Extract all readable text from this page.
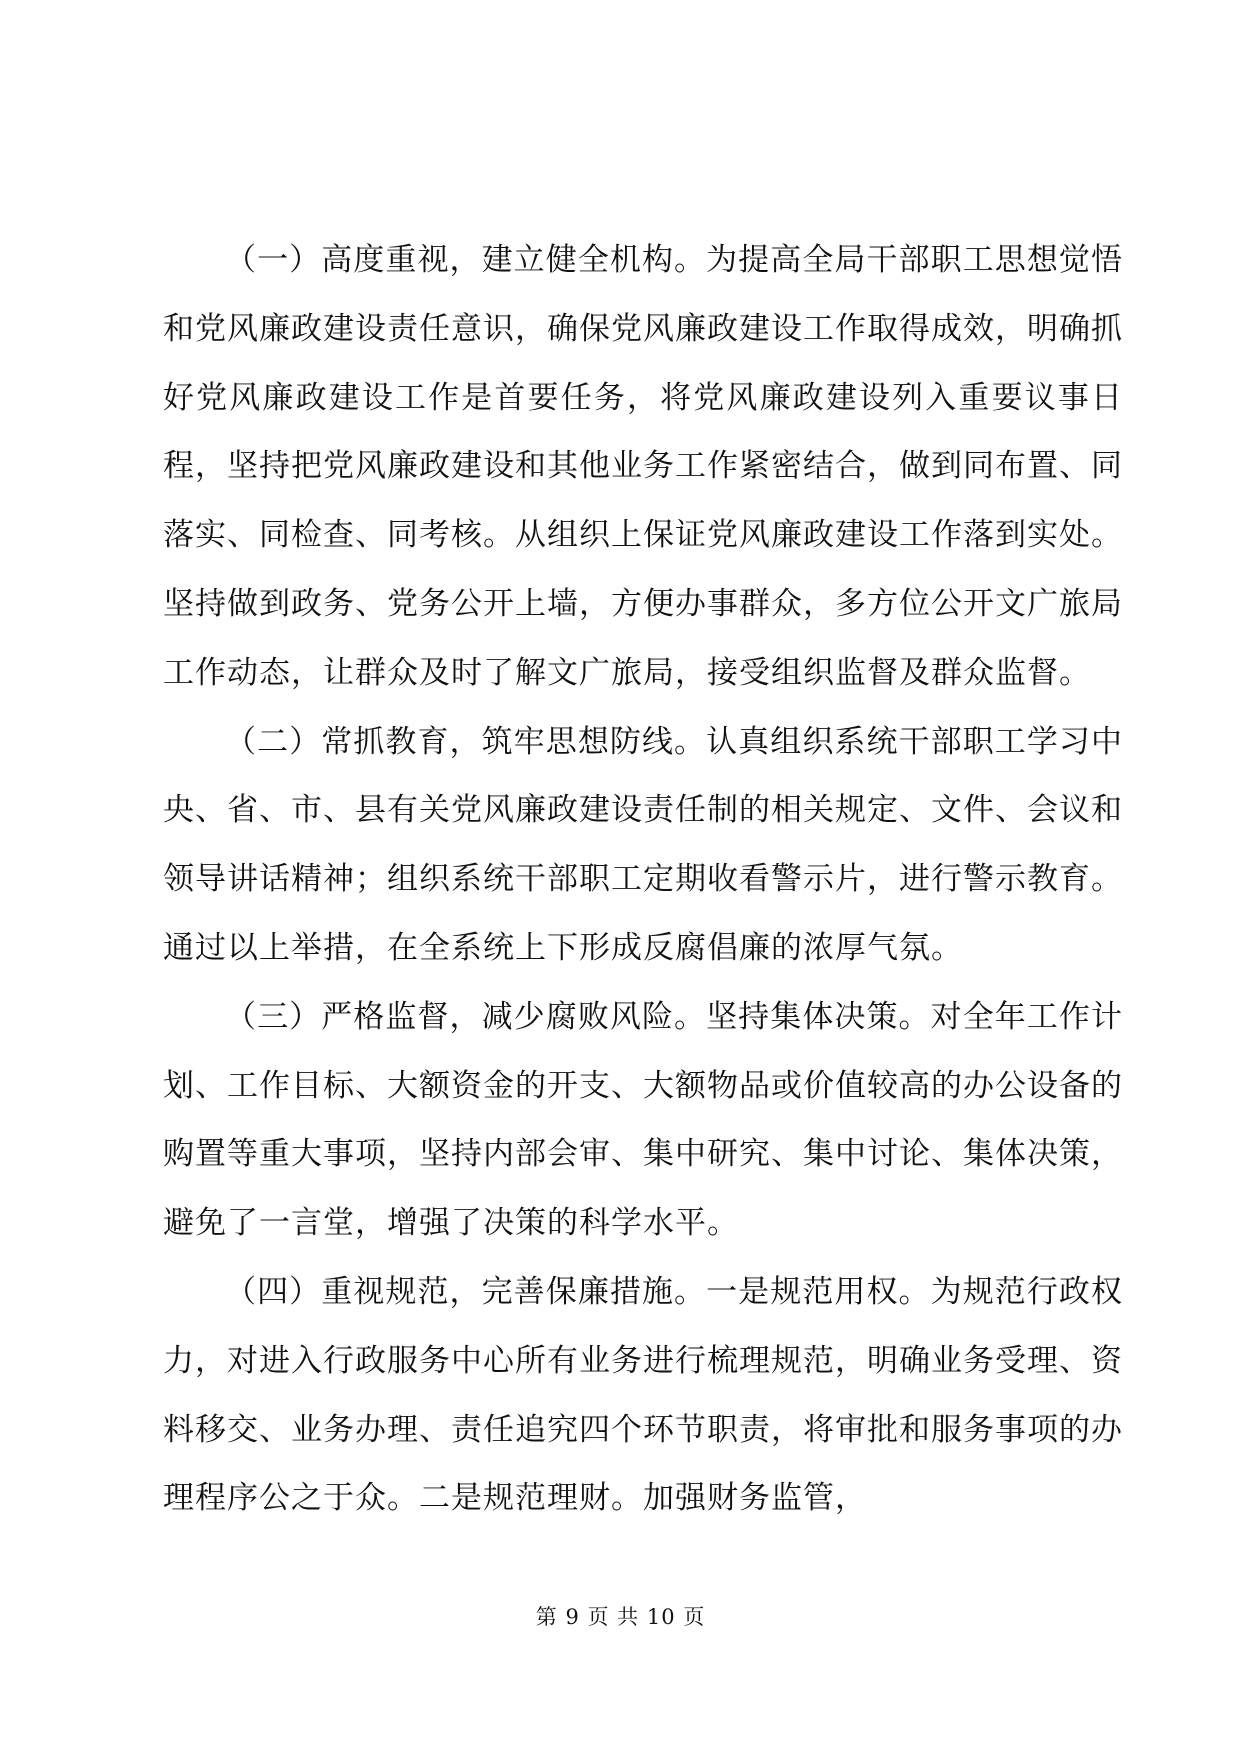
（一）高度重视，建立健全机构。为提高全局干部职工思想觉悟和党风廉政建设责任意识，确保党风廉政建设工作取得成效，明确抓好党风廉政建设工作是首要任务，将党风廉政建设列入重要议事日程，坚持把党风廉政建设和其他业务工作紧密结合，做到同布置、同落实、同检查、同考核。从组织上保证党风廉政建设工作落到实处。坚持做到政务、党务公开上墙，方便办事群众，多方位公开文广旅局工作动态，让群众及时了解文广旅局，接受组织监督及群众监督。

（二）常抓教育，筑牢思想防线。认真组织系统干部职工学习中央、省、市、县有关党风廉政建设责任制的相关规定、文件、会议和领导讲话精神；组织系统干部职工定期收看警示片，进行警示教育。通过以上举措，在全系统上下形成反腐倡廉的浓厚气氛。

（三）严格监督，减少腐败风险。坚持集体决策。对全年工作计划、工作目标、大额资金的开支、大额物品或价值较高的办公设备的购置等重大事项，坚持内部会审、集中研究、集中讨论、集体决策，避免了一言堂，增强了决策的科学水平。

（四）重视规范，完善保廉措施。一是规范用权。为规范行政权力，对进入行政服务中心所有业务进行梳理规范，明确业务受理、资料移交、业务办理、责任追究四个环节职责，将审批和服务事项的办理程序公之于众。二是规范理财。加强财务监管，

第 9 页 共 10 页
